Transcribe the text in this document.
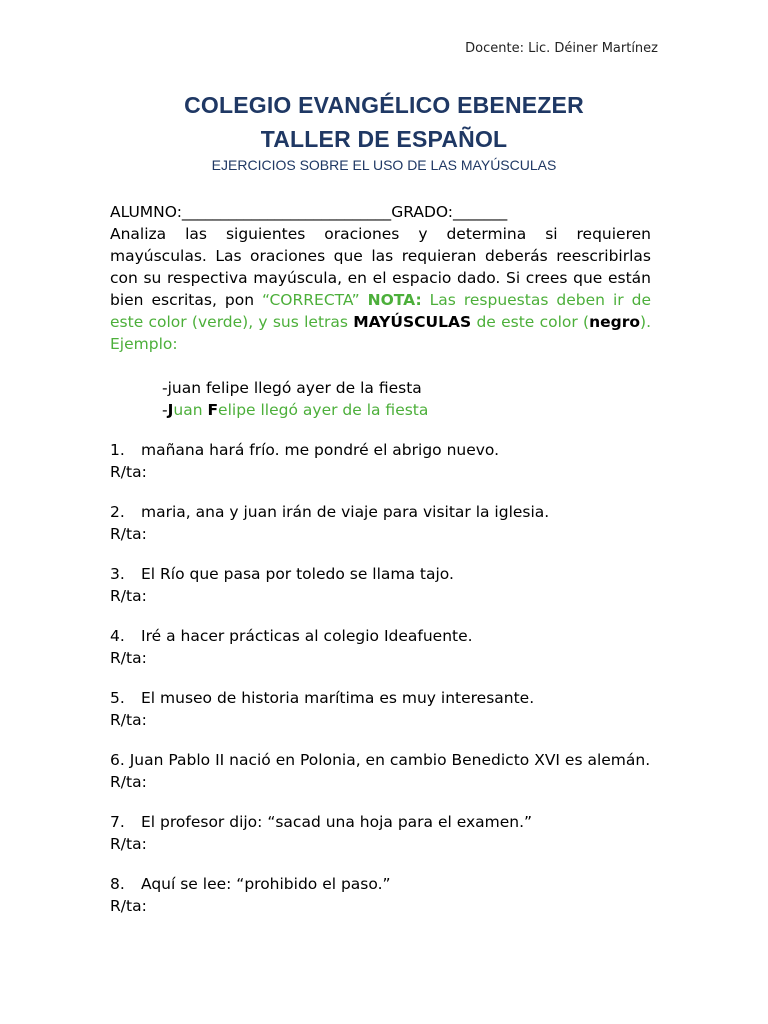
Docente: Lic. Déiner Martínez
COLEGIO EVANGÉLICO EBENEZER
TALLER DE ESPAÑOL
EJERCICIOS SOBRE EL USO DE LAS MAYÚSCULAS
ALUMNO:___________________________GRADO:_______
Analiza las siguientes oraciones y determina si requieren mayúsculas. Las oraciones que las requieran deberás reescribirlas con su respectiva mayúscula, en el espacio dado. Si crees que están bien escritas, pon “CORRECTA” NOTA: Las respuestas deben ir de este color (verde), y sus letras MAYÚSCULAS de este color (negro). Ejemplo:
-juan felipe llegó ayer de la fiesta
-Juan Felipe llegó ayer de la fiesta
1. mañana hará frío. me pondré el abrigo nuevo.
R/ta:
2. maria, ana y juan irán de viaje para visitar la iglesia.
R/ta:
3. El Río que pasa por toledo se llama tajo.
R/ta:
4. Iré a hacer prácticas al colegio Ideafuente.
R/ta:
5. El museo de historia marítima es muy interesante.
R/ta:
6. Juan Pablo II nació en Polonia, en cambio Benedicto XVI es alemán.
R/ta:
7. El profesor dijo: “sacad una hoja para el examen.”
R/ta:
8. Aquí se lee: “prohibido el paso.”
R/ta:
